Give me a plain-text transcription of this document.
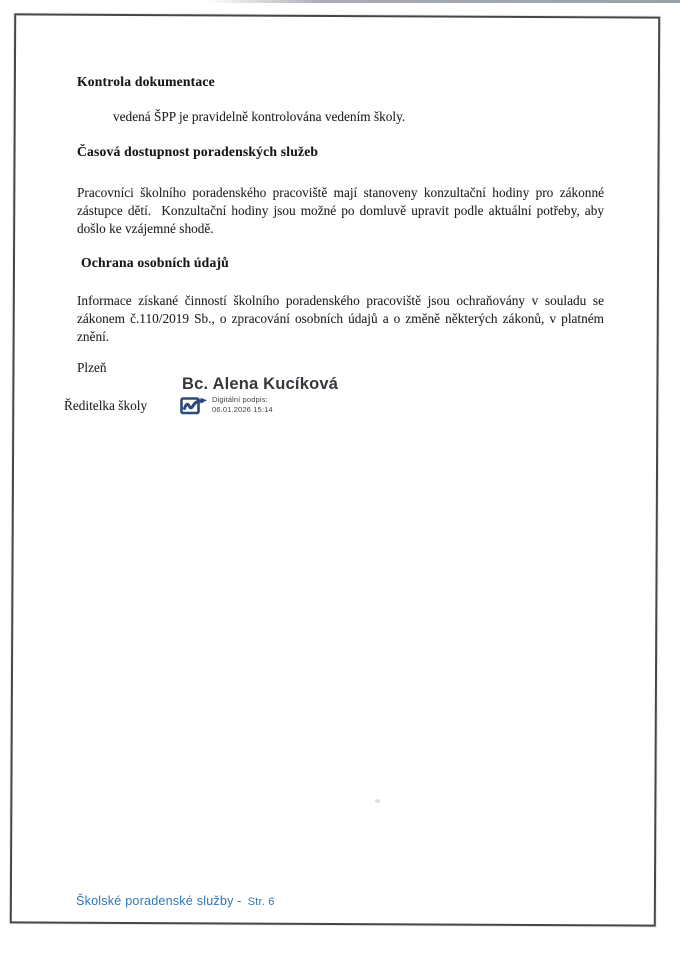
Kontrola dokumentace
vedená ŠPP je pravidelně kontrolována vedením školy.
Časová dostupnost poradenských služeb
Pracovníci školního poradenského pracoviště mají stanoveny konzultační hodiny pro zákonné zástupce dětí.  Konzultační hodiny jsou možné po domluvě upravit podle aktuální potřeby, aby došlo ke vzájemné shodě.
Ochrana osobních údajů
Informace získané činností školního poradenského pracoviště jsou ochraňovány v souladu se zákonem č.110/2019 Sb., o zpracování osobních údajů a o změně některých zákonů, v platném znění.
Plzeň
Bc. Alena Kucíková
Digitální podpis:
06.01.2026 15:14
Ředitelka školy
Školské poradenské služby - Str. 6
